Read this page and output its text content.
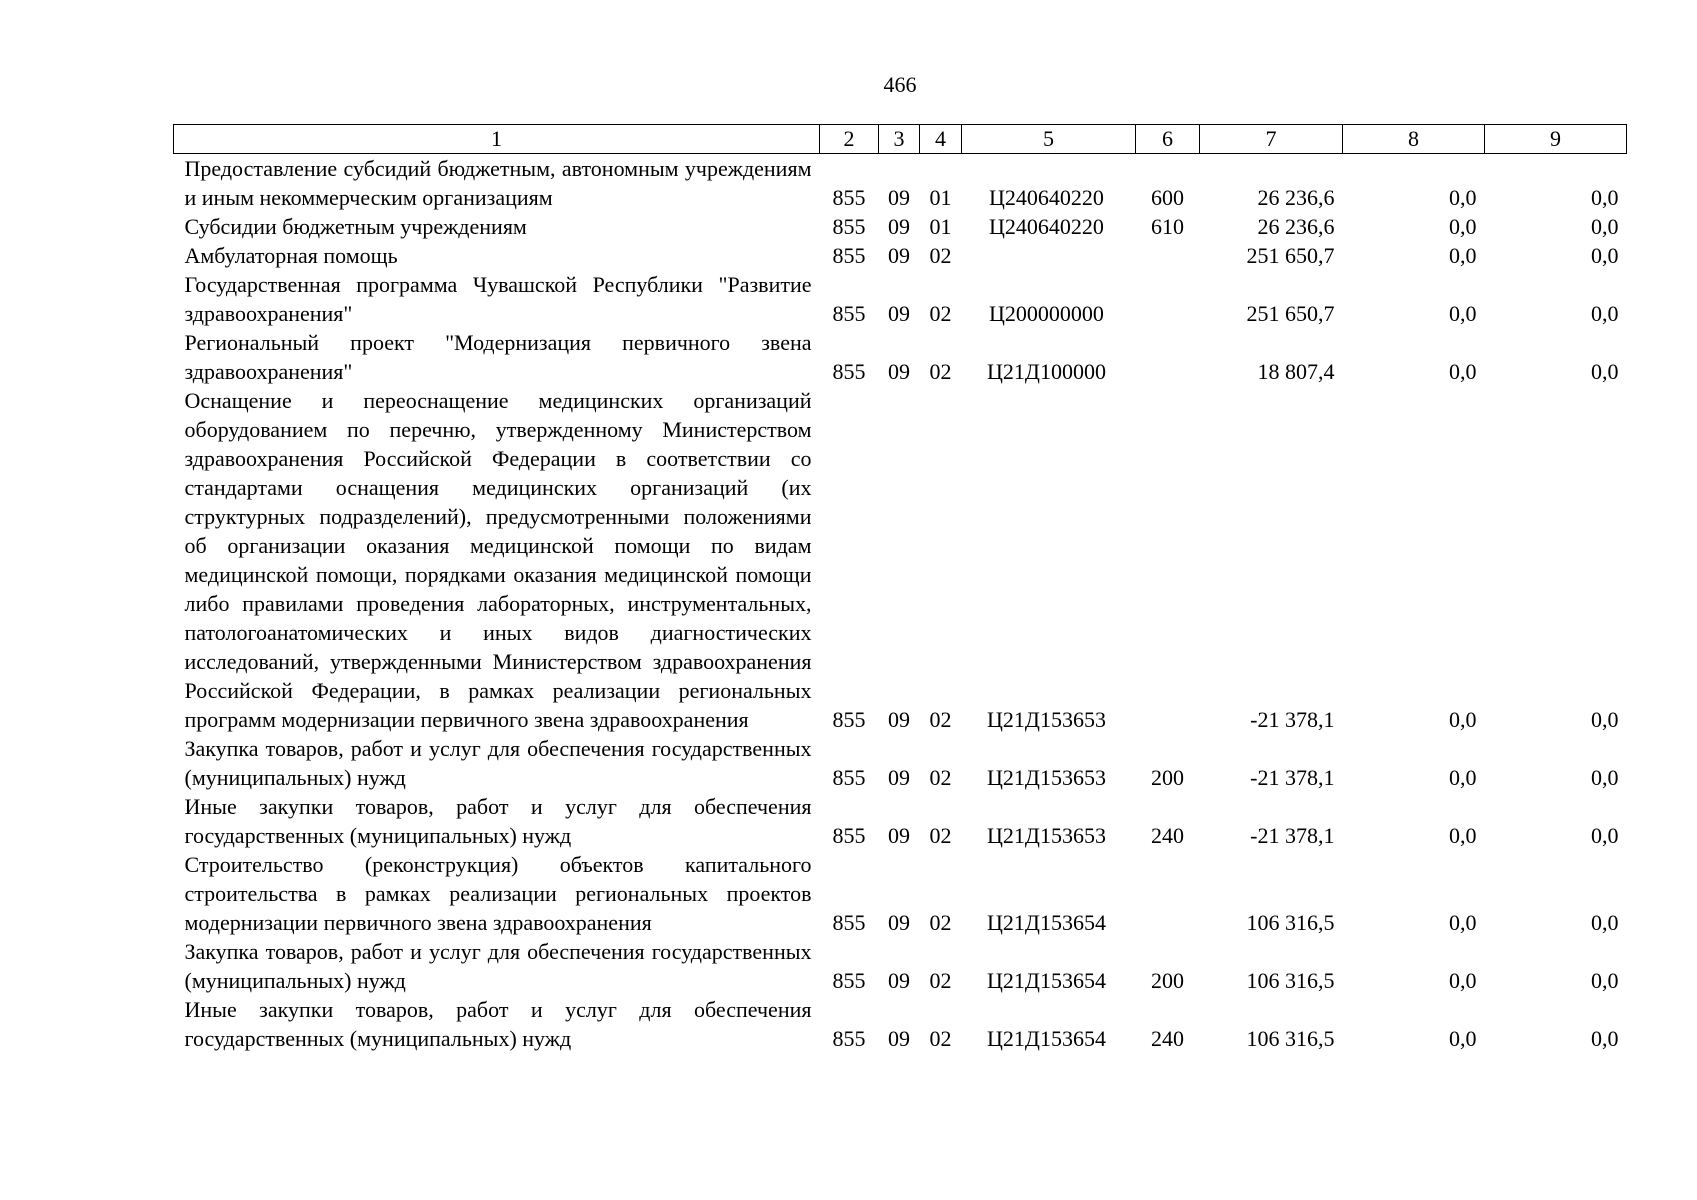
466
1	2	3	4	5	6	7	8	9
Предоставление субсидий бюджетным, автономным учреждениям и иным некоммерческим организациям	855	09	01	Ц240640220	600	26 236,6	0,0	0,0
Субсидии бюджетным учреждениям	855	09	01	Ц240640220	610	26 236,6	0,0	0,0
Амбулаторная помощь	855	09	02			251 650,7	0,0	0,0
Государственная программа Чувашской Республики "Развитие здравоохранения"	855	09	02	Ц200000000		251 650,7	0,0	0,0
Региональный проект "Модернизация первичного звена здравоохранения"	855	09	02	Ц21Д100000		18 807,4	0,0	0,0
Оснащение и переоснащение медицинских организаций оборудованием по перечню, утвержденному Министерством здравоохранения Российской Федерации в соответствии со стандартами оснащения медицинских организаций (их структурных подразделений), предусмотренными положениями об организации оказания медицинской помощи по видам медицинской помощи, порядками оказания медицинской помощи либо правилами проведения лабораторных, инструментальных, патологоанатомических и иных видов диагностических исследований, утвержденными Министерством здравоохранения Российской Федерации, в рамках реализации региональных программ модернизации первичного звена здравоохранения	855	09	02	Ц21Д153653		-21 378,1	0,0	0,0
Закупка товаров, работ и услуг для обеспечения государственных (муниципальных) нужд	855	09	02	Ц21Д153653	200	-21 378,1	0,0	0,0
Иные закупки товаров, работ и услуг для обеспечения государственных (муниципальных) нужд	855	09	02	Ц21Д153653	240	-21 378,1	0,0	0,0
Строительство (реконструкция) объектов капитального строительства в рамках реализации региональных проектов модернизации первичного звена здравоохранения	855	09	02	Ц21Д153654		106 316,5	0,0	0,0
Закупка товаров, работ и услуг для обеспечения государственных (муниципальных) нужд	855	09	02	Ц21Д153654	200	106 316,5	0,0	0,0
Иные закупки товаров, работ и услуг для обеспечения государственных (муниципальных) нужд	855	09	02	Ц21Д153654	240	106 316,5	0,0	0,0
